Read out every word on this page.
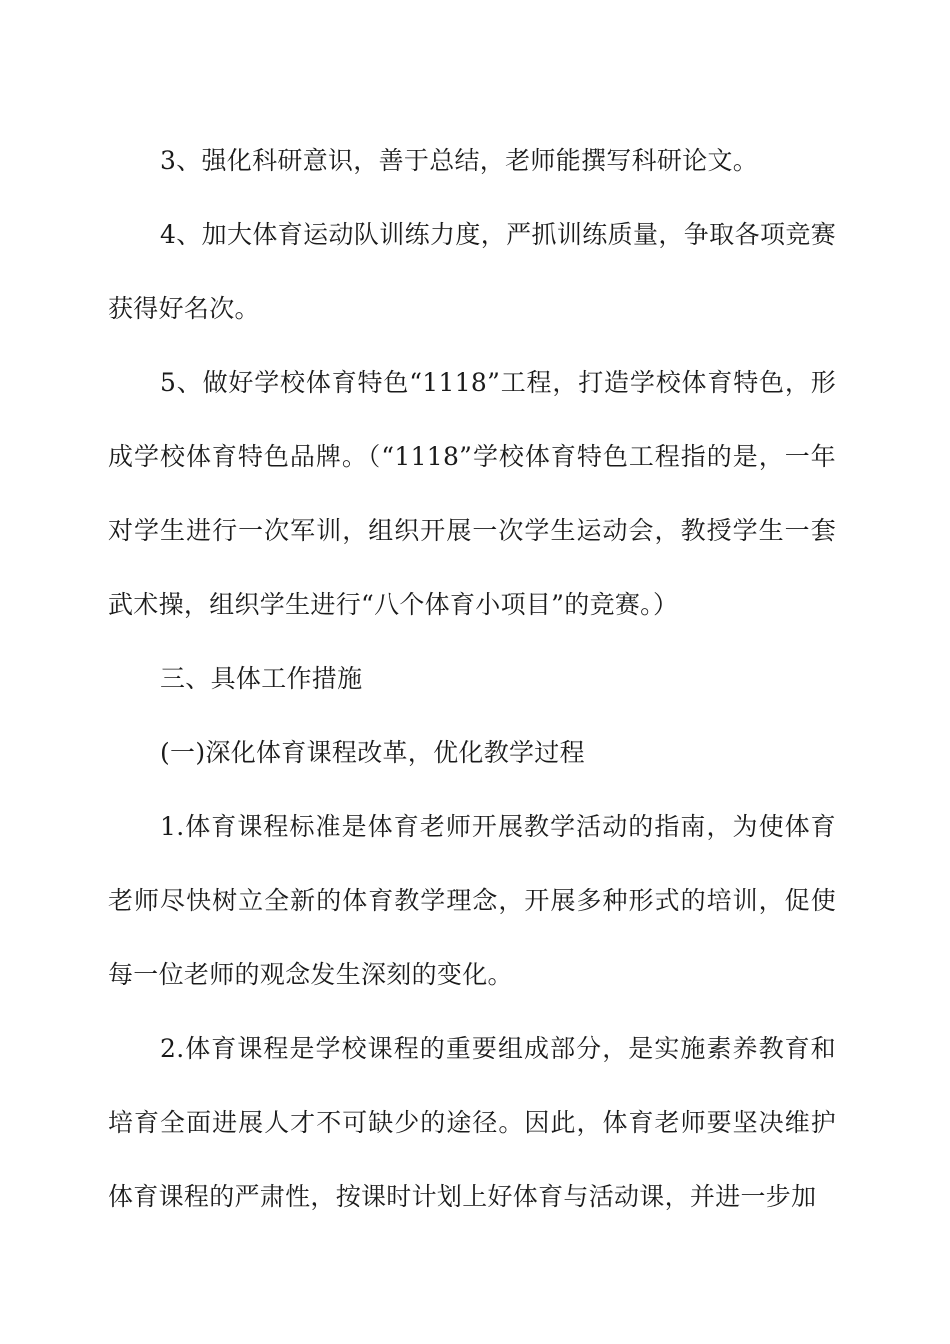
3、强化科研意识，善于总结，老师能撰写科研论文。

4、加大体育运动队训练力度，严抓训练质量，争取各项竞赛获得好名次。

5、做好学校体育特色“1118”工程，打造学校体育特色，形成学校体育特色品牌。（“1118”学校体育特色工程指的是，一年对学生进行一次军训，组织开展一次学生运动会，教授学生一套武术操，组织学生进行“八个体育小项目”的竞赛。）

三、具体工作措施

(一)深化体育课程改革，优化教学过程

1.体育课程标准是体育老师开展教学活动的指南，为使体育老师尽快树立全新的体育教学理念，开展多种形式的培训，促使每一位老师的观念发生深刻的变化。

2.体育课程是学校课程的重要组成部分，是实施素养教育和培育全面进展人才不可缺少的途径。因此，体育老师要坚决维护体育课程的严肃性，按课时计划上好体育与活动课，并进一步加
